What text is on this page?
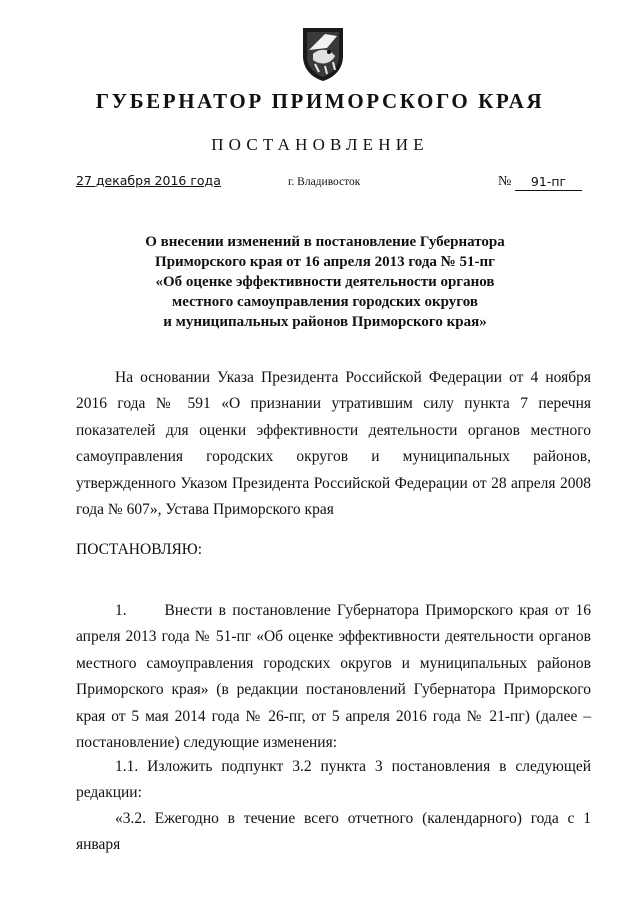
ГУБЕРНАТОР ПРИМОРСКОГО КРАЯ
ПОСТАНОВЛЕНИЕ
27 декабря 2016 года	г. Владивосток	№	91-пг
О внесении изменений в постановление Губернатора
Приморского края от 16 апреля 2013 года № 51-пг
«Об оценке эффективности деятельности органов
местного самоуправления городских округов
и муниципальных районов Приморского края»

На основании Указа Президента Российской Федерации от 4 ноября 2016 года № 591 «О признании утратившим силу пункта 7 перечня показателей для оценки эффективности деятельности органов местного самоуправления городских округов и муниципальных районов, утвержденного Указом Президента Российской Федерации от 28 апреля 2008 года № 607», Устава Приморского края

ПОСТАНОВЛЯЮ:

1.      Внести в постановление Губернатора Приморского края от 16 апреля 2013 года № 51-пг «Об оценке эффективности деятельности органов местного самоуправления городских округов и муниципальных районов Приморского края» (в редакции постановлений Губернатора Приморского края от 5 мая 2014 года № 26-пг, от 5 апреля 2016 года № 21-пг) (далее – постановление) следующие изменения:

1.1. Изложить подпункт 3.2 пункта 3 постановления в следующей редакции:

«3.2. Ежегодно в течение всего отчетного (календарного) года с 1 января
